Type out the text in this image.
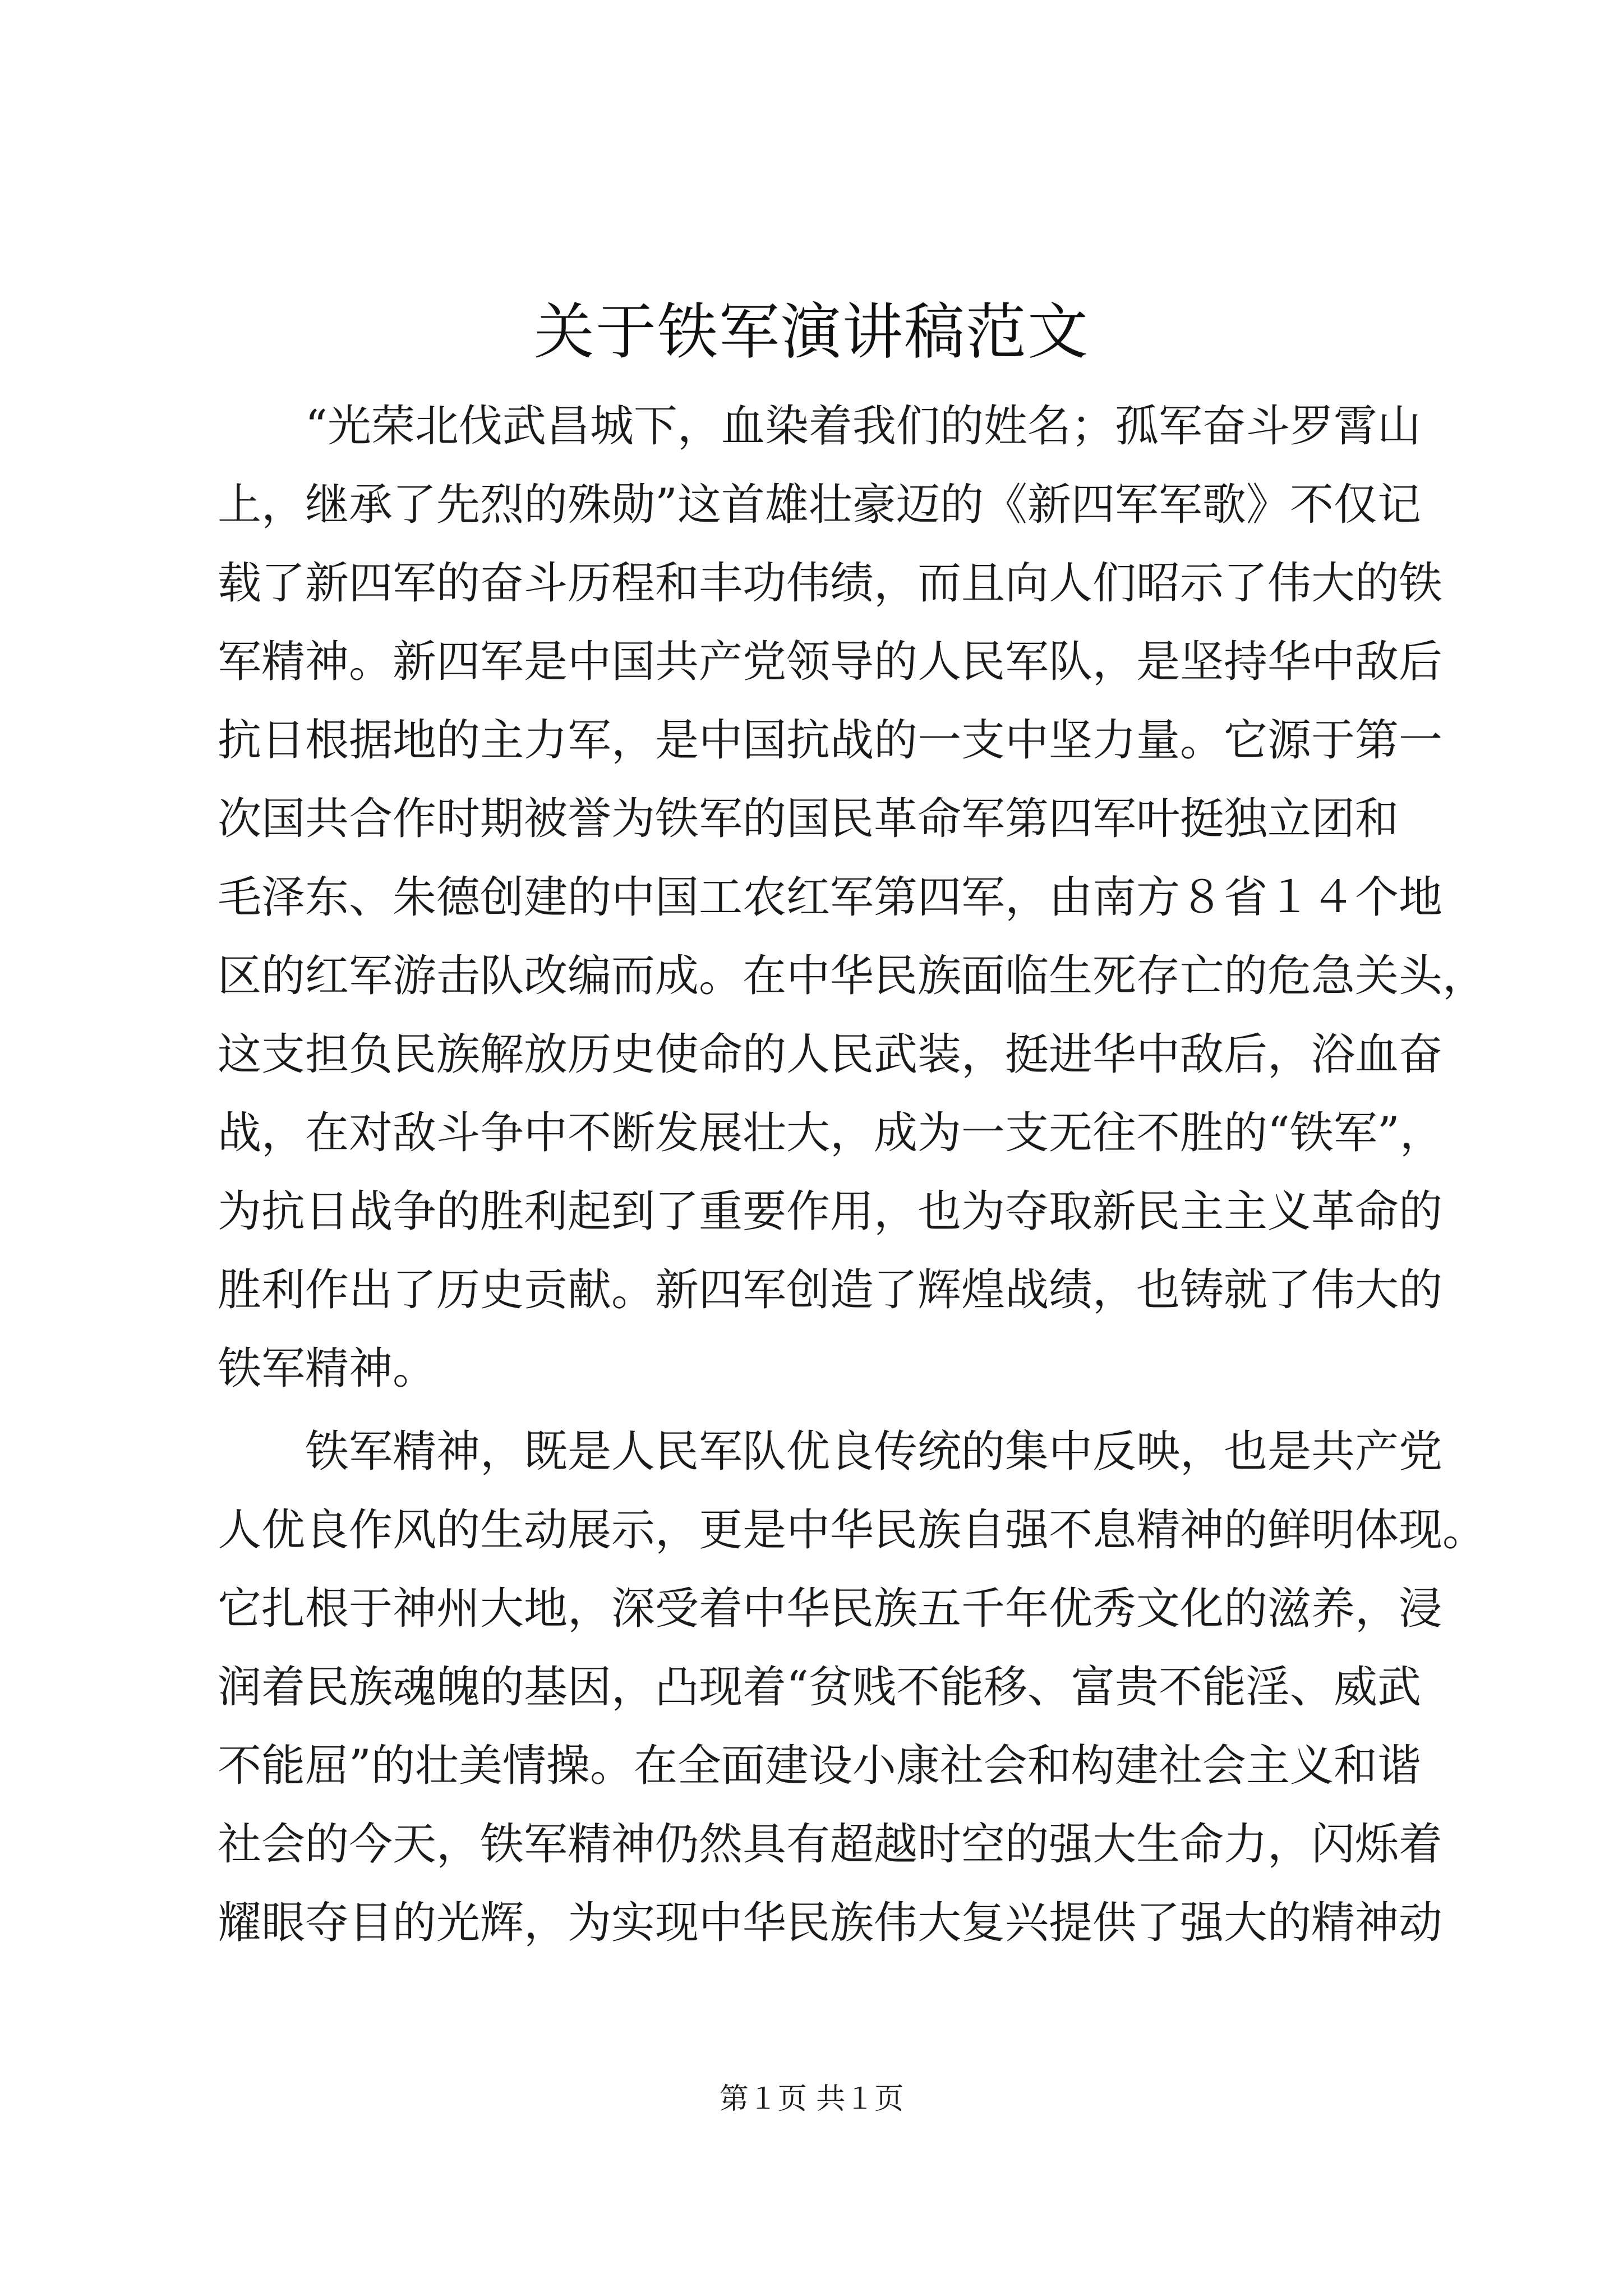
关于铁军演讲稿范文
　　“光荣北伐武昌城下，血染着我们的姓名；孤军奋斗罗霄山
上，继承了先烈的殊勋”这首雄壮豪迈的《新四军军歌》不仅记
载了新四军的奋斗历程和丰功伟绩，而且向人们昭示了伟大的铁
军精神。新四军是中国共产党领导的人民军队，是坚持华中敌后
抗日根据地的主力军，是中国抗战的一支中坚力量。它源于第一
次国共合作时期被誉为铁军的国民革命军第四军叶挺独立团和
毛泽东、朱德创建的中国工农红军第四军，由南方８省１４个地
区的红军游击队改编而成。在中华民族面临生死存亡的危急关头，
这支担负民族解放历史使命的人民武装，挺进华中敌后，浴血奋
战，在对敌斗争中不断发展壮大，成为一支无往不胜的“铁军”，
为抗日战争的胜利起到了重要作用，也为夺取新民主主义革命的
胜利作出了历史贡献。新四军创造了辉煌战绩，也铸就了伟大的
铁军精神。
　　铁军精神，既是人民军队优良传统的集中反映，也是共产党
人优良作风的生动展示，更是中华民族自强不息精神的鲜明体现。
它扎根于神州大地，深受着中华民族五千年优秀文化的滋养，浸
润着民族魂魄的基因，凸现着“贫贱不能移、富贵不能淫、威武
不能屈”的壮美情操。在全面建设小康社会和构建社会主义和谐
社会的今天，铁军精神仍然具有超越时空的强大生命力，闪烁着
耀眼夺目的光辉，为实现中华民族伟大复兴提供了强大的精神动
第１页 共１页
